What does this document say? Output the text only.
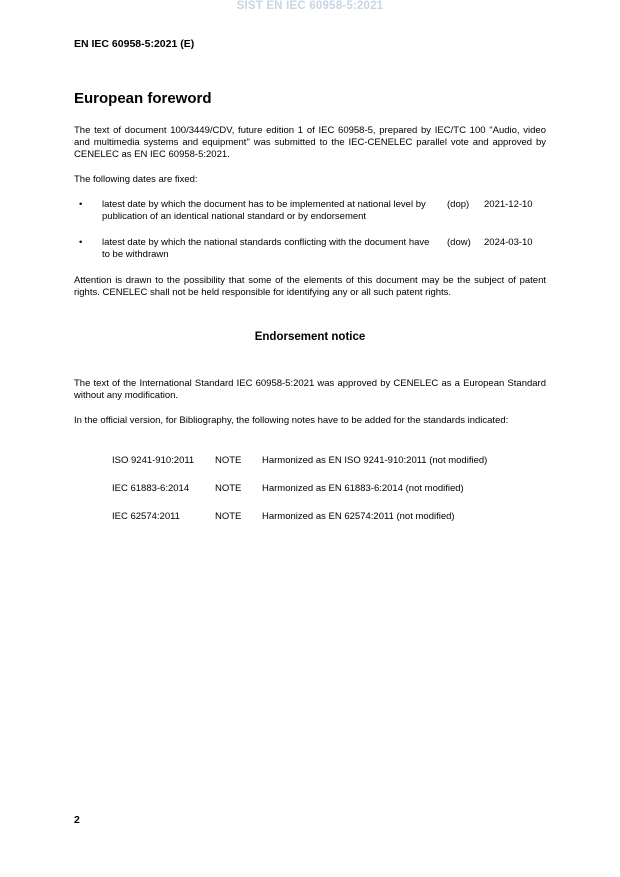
SIST EN IEC 60958-5:2021
EN IEC 60958-5:2021 (E)
European foreword
The text of document 100/3449/CDV, future edition 1 of IEC 60958-5, prepared by IEC/TC 100 "Audio, video and multimedia systems and equipment" was submitted to the IEC-CENELEC parallel vote and approved by CENELEC as EN IEC 60958-5:2021.
The following dates are fixed:
• latest date by which the document has to be implemented at national level by publication of an identical national standard or by endorsement
(dop) 2021-12-10
• latest date by which the national standards conflicting with the document have to be withdrawn
(dow) 2024-03-10
Attention is drawn to the possibility that some of the elements of this document may be the subject of patent rights. CENELEC shall not be held responsible for identifying any or all such patent rights.
Endorsement notice
The text of the International Standard IEC 60958-5:2021 was approved by CENELEC as a European Standard without any modification.
In the official version, for Bibliography, the following notes have to be added for the standards indicated:
ISO 9241-910:2011 NOTE Harmonized as EN ISO 9241-910:2011 (not modified)
IEC 61883-6:2014	NOTE Harmonized as EN 61883-6:2014 (not modified)
IEC 62574:2011	NOTE Harmonized as EN 62574:2011 (not modified)
2
